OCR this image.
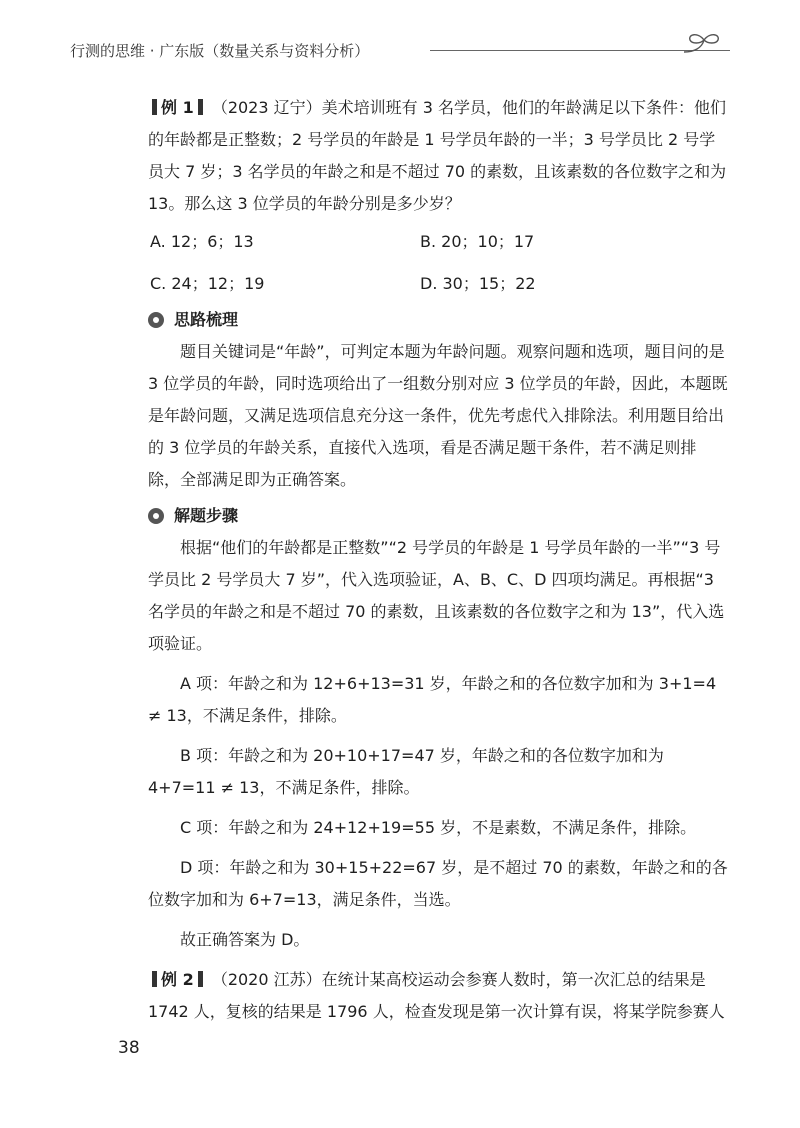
行测的思维 · 广东版（数量关系与资料分析）

例 1 （2023 辽宁）美术培训班有 3 名学员，他们的年龄满足以下条件：他们的年龄都是正整数；2 号学员的年龄是 1 号学员年龄的一半；3 号学员比 2 号学员大 7 岁；3 名学员的年龄之和是不超过 70 的素数，且该素数的各位数字之和为 13。那么这 3 位学员的年龄分别是多少岁？

A. 12；6；13	B. 20；10；17
C. 24；12；19	D. 30；15；22
思路梳理

题目关键词是“年龄”，可判定本题为年龄问题。观察问题和选项，题目问的是 3 位学员的年龄，同时选项给出了一组数分别对应 3 位学员的年龄，因此，本题既是年龄问题，又满足选项信息充分这一条件，优先考虑代入排除法。利用题目给出的 3 位学员的年龄关系，直接代入选项，看是否满足题干条件，若不满足则排除，全部满足即为正确答案。

解题步骤

根据“他们的年龄都是正整数”“2 号学员的年龄是 1 号学员年龄的一半”“3 号学员比 2 号学员大 7 岁”，代入选项验证，A、B、C、D 四项均满足。再根据“3 名学员的年龄之和是不超过 70 的素数，且该素数的各位数字之和为 13”，代入选项验证。

A 项：年龄之和为 12+6+13=31 岁，年龄之和的各位数字加和为 3+1=4 ≠ 13，不满足条件，排除。

B 项：年龄之和为 20+10+17=47 岁，年龄之和的各位数字加和为 4+7=11 ≠ 13，不满足条件，排除。

C 项：年龄之和为 24+12+19=55 岁，不是素数，不满足条件，排除。

D 项：年龄之和为 30+15+22=67 岁，是不超过 70 的素数，年龄之和的各位数字加和为 6+7=13，满足条件，当选。

故正确答案为 D。

例 2 （2020 江苏）在统计某高校运动会参赛人数时，第一次汇总的结果是 1742 人，复核的结果是 1796 人，检查发现是第一次计算有误，将某学院参赛人

38
